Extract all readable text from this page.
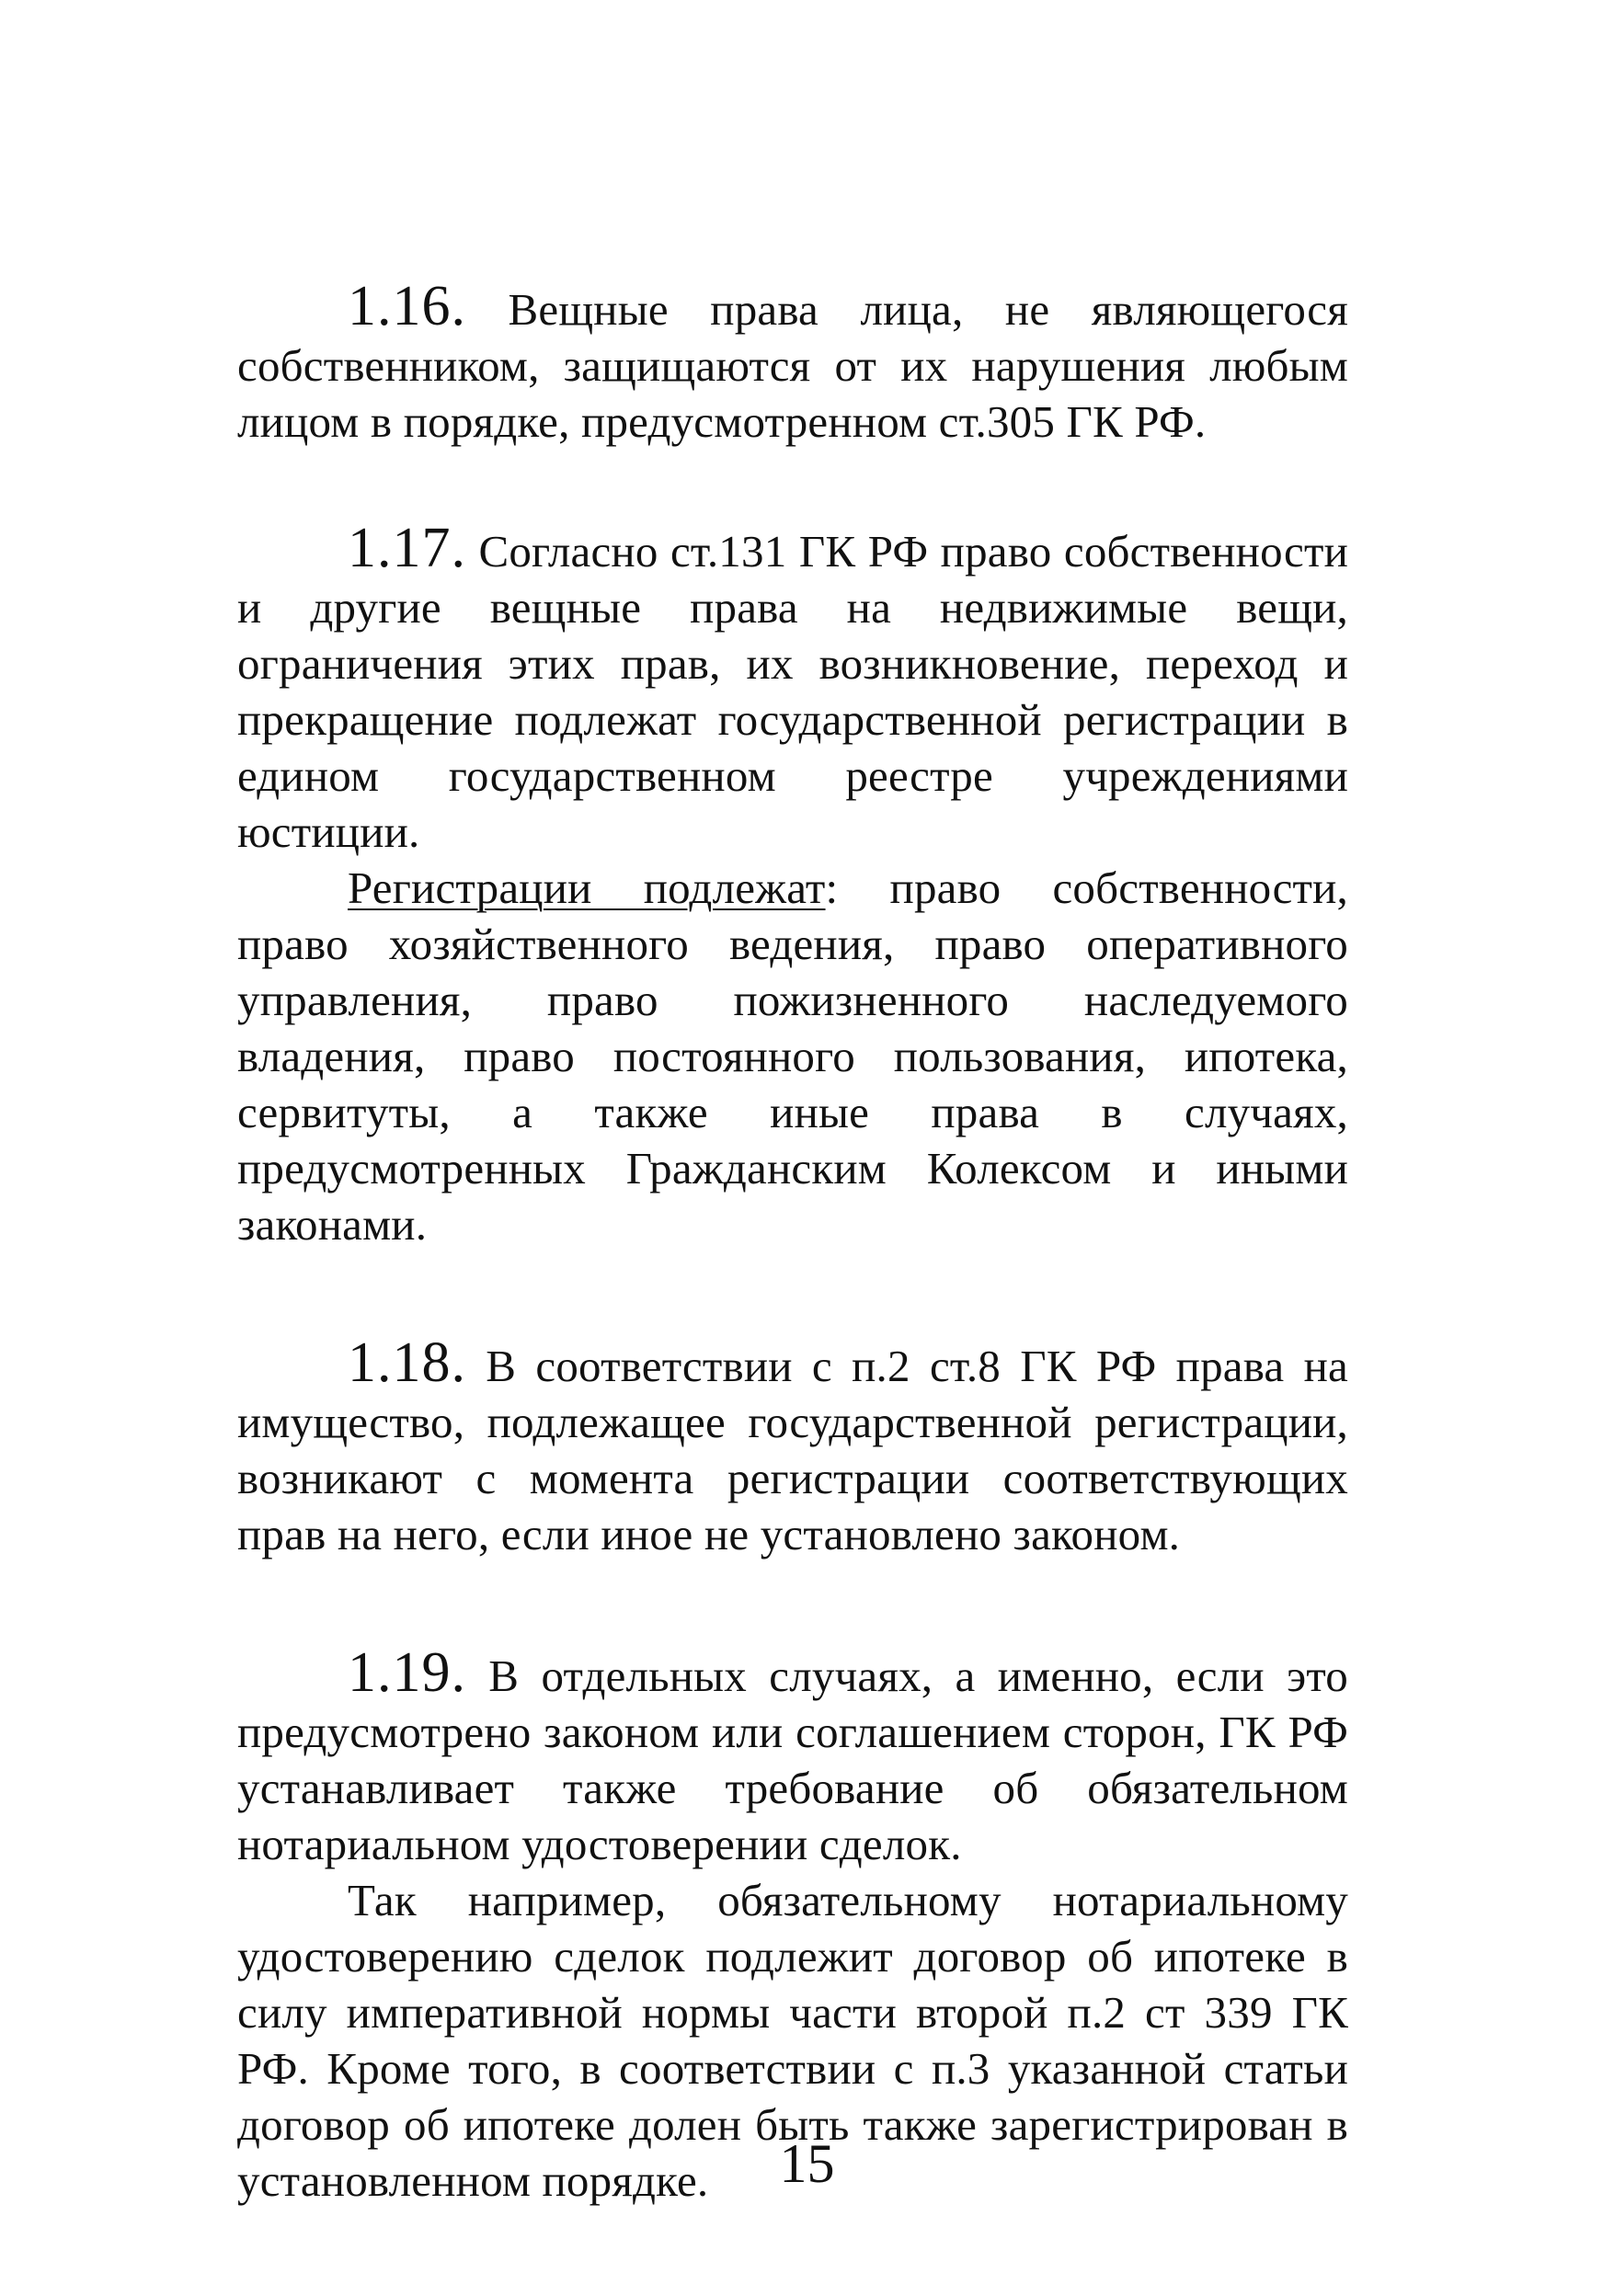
1.16. Вещные права лица, не являющегося собственником, защищаются от их нарушения любым лицом в порядке, предусмотренном ст.305 ГК РФ.

1.17. Согласно ст.131 ГК РФ право собственности и другие вещные права на недвижимые вещи, ограничения этих прав, их возникновение, переход и прекращение подлежат государственной регистрации в едином государственном реестре учреждениями юстиции.

Регистрации подлежат: право собственности, право хозяйственного ведения, право оперативного управления, право пожизненного наследуемого владения, право постоянного пользования, ипотека, сервитуты, а также иные права в случаях, предусмотренных Гражданским Колексом и иными законами.

1.18. В соответствии с п.2 ст.8 ГК РФ права на имущество, подлежащее государственной регистрации, возникают с момента регистрации соответствующих прав на него, если иное не установлено законом.

1.19. В отдельных случаях, а именно, если это предусмотрено законом или соглашением сторон, ГК РФ устанавливает также требование об обязательном нотариальном удостоверении сделок.

Так например, обязательному нотариальному удостоверению сделок подлежит договор об ипотеке в силу императивной нормы части второй п.2 ст 339 ГК РФ. Кроме того, в соответствии с п.3 указанной статьи договор об ипотеке долен быть также зарегистрирован в установленном порядке.	15
